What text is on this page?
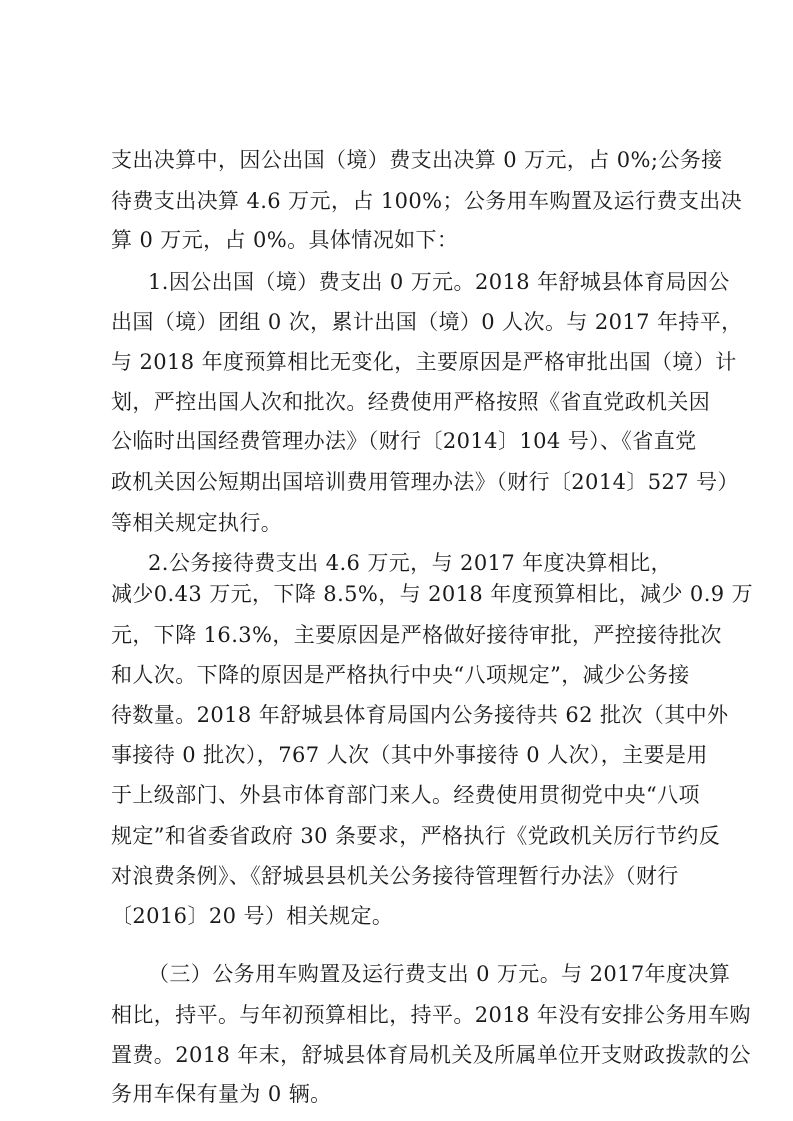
支出决算中，因公出国（境）费支出决算 0 万元，占 0%;公务接
待费支出决算 4.6 万元，占 100%；公务用车购置及运行费支出决
算 0 万元，占 0%。具体情况如下：
1.因公出国（境）费支出 0 万元。2018 年舒城县体育局因公
出国（境）团组 0 次，累计出国（境）0 人次。与 2017 年持平，
与 2018 年度预算相比无变化，主要原因是严格审批出国（境）计
划，严控出国人次和批次。经费使用严格按照《省直党政机关因
公临时出国经费管理办法》（财行〔2014〕104 号）、《省直党
政机关因公短期出国培训费用管理办法》（财行〔2014〕527 号）
等相关规定执行。
2.公务接待费支出 4.6 万元，与 2017 年度决算相比，
减少0.43 万元，下降 8.5%，与 2018 年度预算相比，减少 0.9 万
元，下降 16.3%，主要原因是严格做好接待审批，严控接待批次
和人次。下降的原因是严格执行中央“八项规定”，减少公务接
待数量。2018 年舒城县体育局国内公务接待共 62 批次（其中外
事接待 0 批次），767 人次（其中外事接待 0 人次），主要是用
于上级部门、外县市体育部门来人。经费使用贯彻党中央“八项
规定”和省委省政府 30 条要求，严格执行《党政机关厉行节约反
对浪费条例》、《舒城县县机关公务接待管理暂行办法》（财行
〔2016〕20 号）相关规定。
（三）公务用车购置及运行费支出 0 万元。与 2017年度决算
相比，持平。与年初预算相比，持平。2018 年没有安排公务用车购
置费。2018 年末，舒城县体育局机关及所属单位开支财政拨款的公
务用车保有量为 0 辆。
